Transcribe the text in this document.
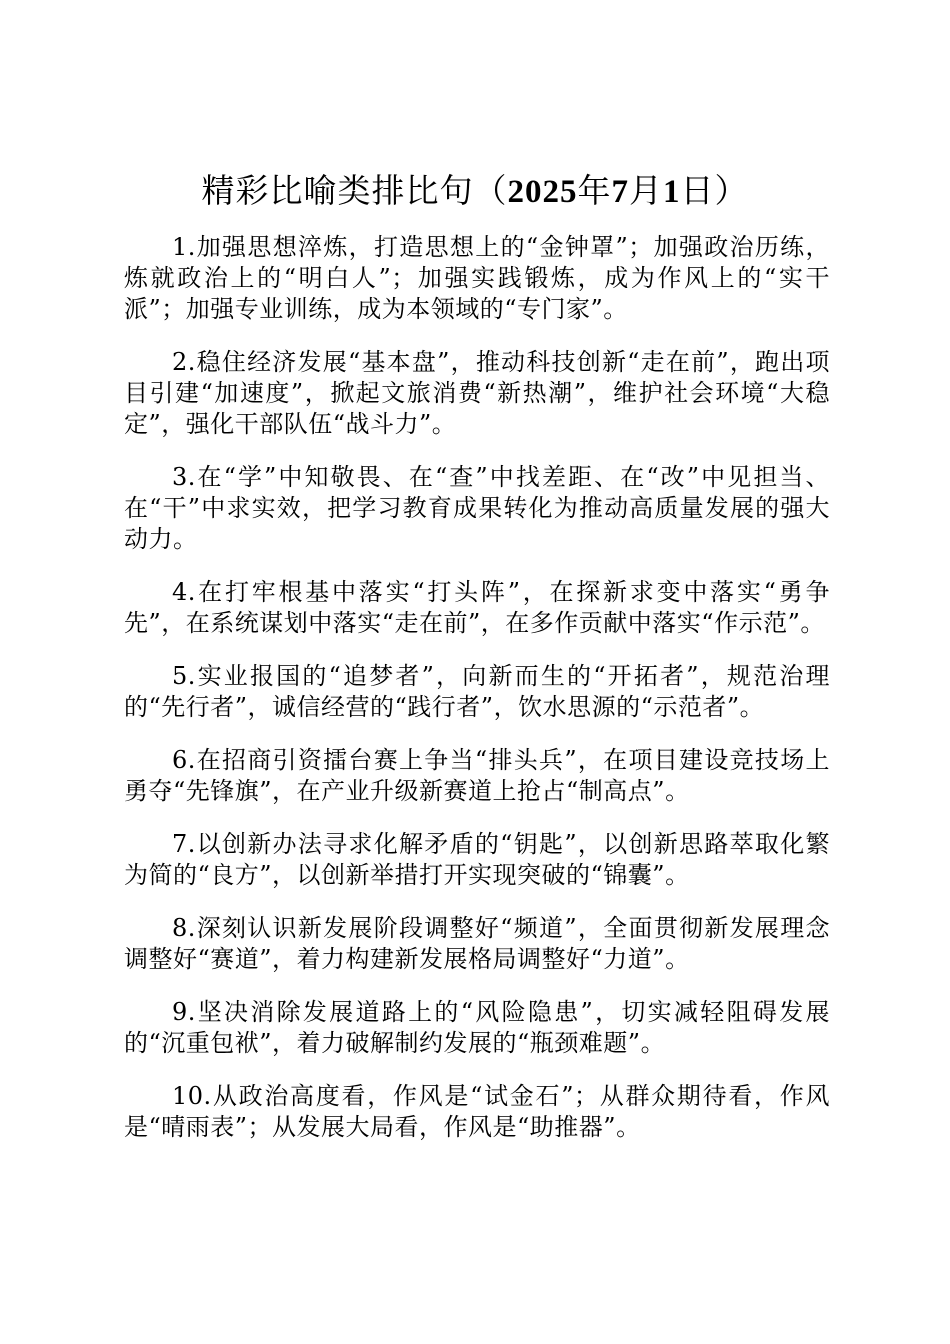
精彩比喻类排比句（2025年7月1日）

1.加强思想淬炼，打造思想上的“金钟罩”；加强政治历练，炼就政治上的“明白人”；加强实践锻炼，成为作风上的“实干派”；加强专业训练，成为本领域的“专门家”。

2.稳住经济发展“基本盘”，推动科技创新“走在前”，跑出项目引建“加速度”，掀起文旅消费“新热潮”，维护社会环境“大稳定”，强化干部队伍“战斗力”。

3.在“学”中知敬畏、在“查”中找差距、在“改”中见担当、在“干”中求实效，把学习教育成果转化为推动高质量发展的强大动力。

4.在打牢根基中落实“打头阵”，在探新求变中落实“勇争先”，在系统谋划中落实“走在前”，在多作贡献中落实“作示范”。

5.实业报国的“追梦者”，向新而生的“开拓者”，规范治理的“先行者”，诚信经营的“践行者”，饮水思源的“示范者”。

6.在招商引资擂台赛上争当“排头兵”，在项目建设竞技场上勇夺“先锋旗”，在产业升级新赛道上抢占“制高点”。

7.以创新办法寻求化解矛盾的“钥匙”，以创新思路萃取化繁为简的“良方”，以创新举措打开实现突破的“锦囊”。

8.深刻认识新发展阶段调整好“频道”，全面贯彻新发展理念调整好“赛道”，着力构建新发展格局调整好“力道”。

9.坚决消除发展道路上的“风险隐患”，切实减轻阻碍发展的“沉重包袱”，着力破解制约发展的“瓶颈难题”。

10.从政治高度看，作风是“试金石”；从群众期待看，作风是“晴雨表”；从发展大局看，作风是“助推器”。
